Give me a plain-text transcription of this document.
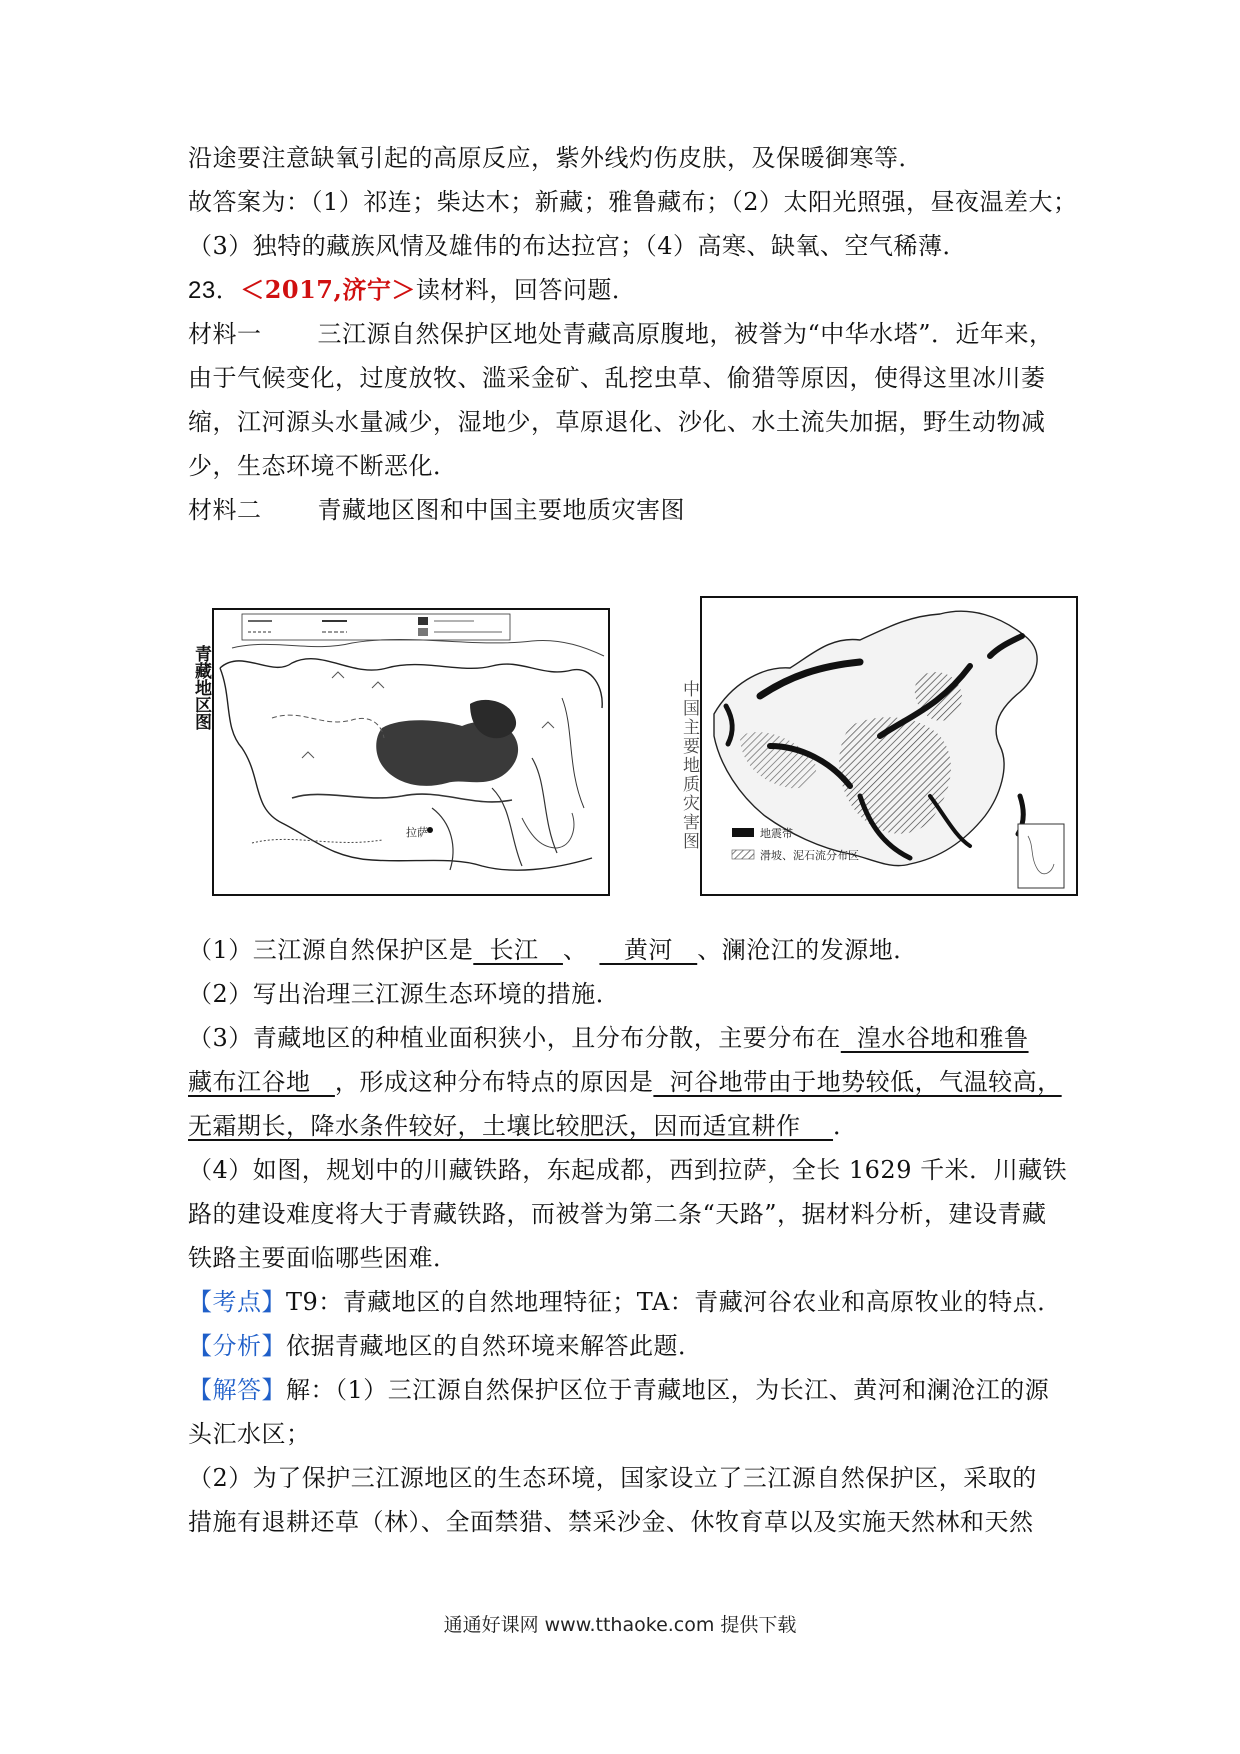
沿途要注意缺氧引起的高原反应，紫外线灼伤皮肤，及保暖御寒等．
故答案为：（1）祁连；柴达木；新藏；雅鲁藏布；（2）太阳光照强，昼夜温差大；
（3）独特的藏族风情及雄伟的布达拉宫；（4）高寒、缺氧、空气稀薄．
23．＜2017,济宁＞读材料，回答问题．
材料一 三江源自然保护区地处青藏高原腹地，被誉为“中华水塔”．近年来，
由于气候变化，过度放牧、滥采金矿、乱挖虫草、偷猎等原因，使得这里冰川萎
缩，江河源头水量减少，湿地少，草原退化、沙化、水土流失加据，野生动物减
少，生态环境不断恶化．
材料二 青藏地区图和中国主要地质灾害图
青藏地区图
拉萨	中国主要地质灾害图	地震带
滑坡、泥石流分布区
（1）三江源自然保护区是  长江   、   黄河   、澜沧江的发源地．
（2）写出治理三江源生态环境的措施．
（3）青藏地区的种植业面积狭小，且分布分散，主要分布在  湟水谷地和雅鲁
藏布江谷地   ，形成这种分布特点的原因是  河谷地带由于地势较低，气温较高，
无霜期长，降水条件较好，土壤比较肥沃，因而适宜耕作    ．
（4）如图，规划中的川藏铁路，东起成都，西到拉萨，全长 1629 千米．川藏铁
路的建设难度将大于青藏铁路，而被誉为第二条“天路”，据材料分析，建设青藏
铁路主要面临哪些困难．
【考点】T9：青藏地区的自然地理特征；TA：青藏河谷农业和高原牧业的特点．
【分析】依据青藏地区的自然环境来解答此题．
【解答】解：（1）三江源自然保护区位于青藏地区，为长江、黄河和澜沧江的源
头汇水区；
（2）为了保护三江源地区的生态环境，国家设立了三江源自然保护区，采取的
措施有退耕还草（林）、全面禁猎、禁采沙金、休牧育草以及实施天然林和天然
通通好课网 www.tthaoke.com 提供下载
